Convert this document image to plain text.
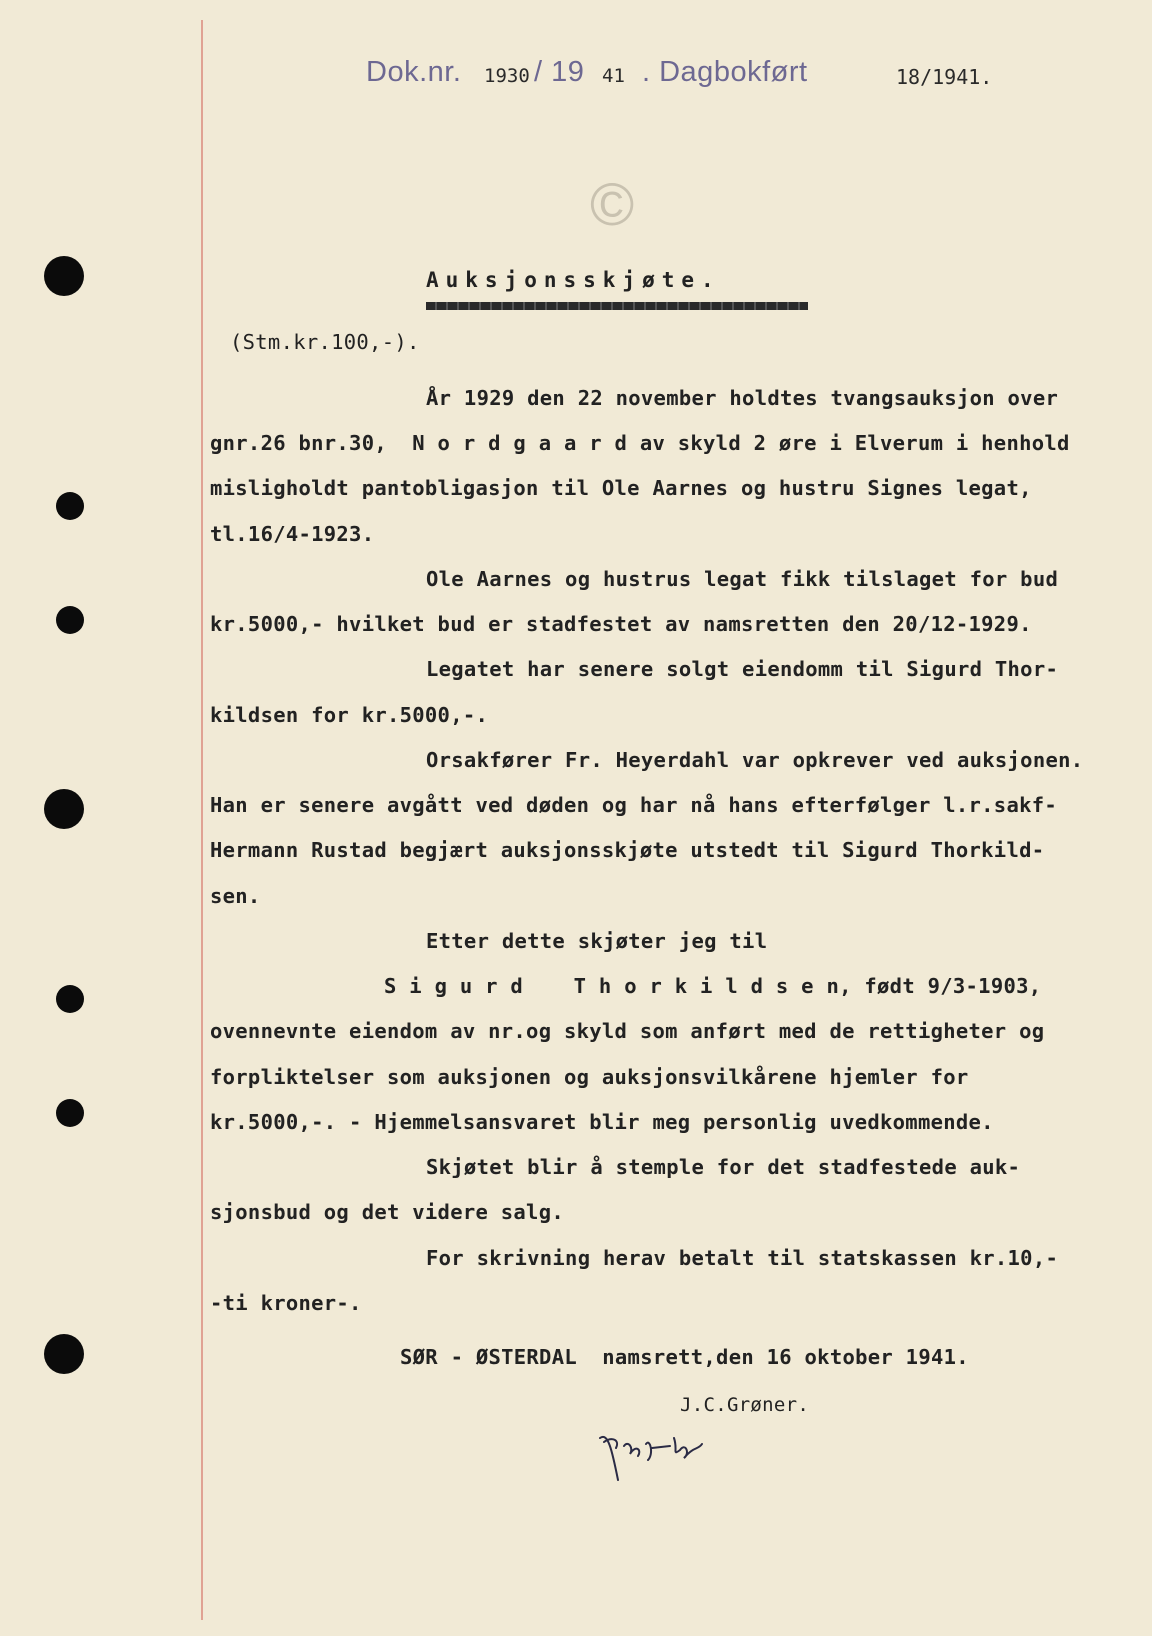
©
Dok.nr. 1930 / 19 41 . Dagbokført	18/1941.
Auksjonsskjøte.
(Stm.kr.100,-).
År 1929 den 22 november holdtes tvangsauksjon over
gnr.26 bnr.30,  N o r d g a a r d av skyld 2 øre i Elverum i henhold
misligholdt pantobligasjon til Ole Aarnes og hustru Signes legat,
tl.16/4-1923.
Ole Aarnes og hustrus legat fikk tilslaget for bud
kr.5000,- hvilket bud er stadfestet av namsretten den 20/12-1929.
Legatet har senere solgt eiendomm til Sigurd Thor-
kildsen for kr.5000,-.
Orsakfører Fr. Heyerdahl var opkrever ved auksjonen.
Han er senere avgått ved døden og har nå hans efterfølger l.r.sakf-
Hermann Rustad begjært auksjonsskjøte utstedt til Sigurd Thorkild-
sen.
Etter dette skjøter jeg til
S i g u r d    T h o r k i l d s e n, født 9/3-1903,
ovennevnte eiendom av nr.og skyld som anført med de rettigheter og
forpliktelser som auksjonen og auksjonsvilkårene hjemler for
kr.5000,-. - Hjemmelsansvaret blir meg personlig uvedkommende.
Skjøtet blir å stemple for det stadfestede auk-
sjonsbud og det videre salg.
For skrivning herav betalt til statskassen kr.10,-
-ti kroner-.
SØR - ØSTERDAL  namsrett,den 16 oktober 1941.
J.C.Grøner.
